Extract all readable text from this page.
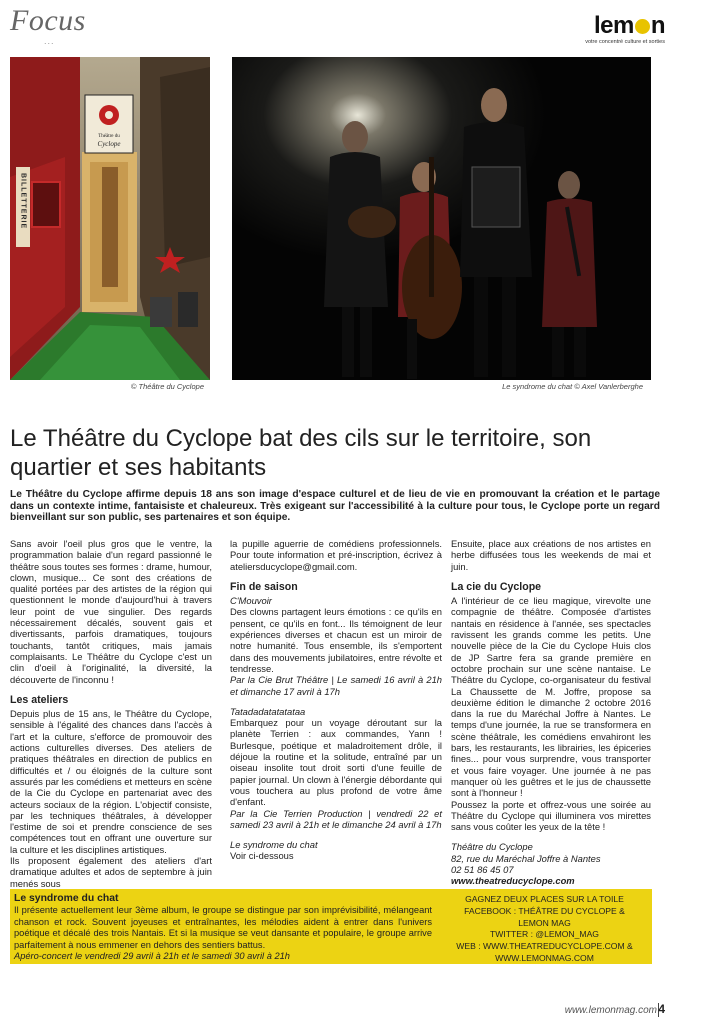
Focus
...
lem n
votre concentré culture et sorties
Théâtre du
Cyclope
BILLETTERIE
© Théâtre du Cyclope	Le syndrome du chat © Axel Vanlerberghe
Le Théâtre du Cyclope bat des cils sur le territoire, son quartier et ses habitants

Le Théâtre du Cyclope affirme depuis 18 ans son image d'espace culturel et de lieu de vie en promouvant la création et le partage dans un contexte intime, fantaisiste et chaleureux. Très exigeant sur l'accessibilité à la culture pour tous, le Cyclope porte un regard bienveillant sur son public, ses partenaires et son équipe.

Sans avoir l'oeil plus gros que le ventre, la programmation balaie d'un regard passionné le théâtre sous toutes ses formes : drame, humour, clown, musique... Ce sont des créations de qualité portées par des artistes de la région qui questionnent le monde d'aujourd'hui à travers leur point de vue singulier. Des regards nécessairement décalés, souvent gais et divertissants, parfois dramatiques, toujours touchants, tantôt critiques, mais jamais complaisants. Le Théâtre du Cyclope c'est un clin d'oeil à l'originalité, la diversité, la découverte de l'inconnu !

Les ateliers

Depuis plus de 15 ans, le Théâtre du Cyclope, sensible à l'égalité des chances dans l'accès à l'art et la culture, s'efforce de promouvoir des actions culturelles diverses. Des ateliers de pratiques théâtrales en direction de publics en difficultés et / ou éloignés de la culture sont assurés par les comédiens et metteurs en scène de la Cie du Cyclope en partenariat avec des acteurs sociaux de la région. L'objectif consiste, par les techniques théâtrales, à développer l'estime de soi et prendre conscience de ses compétences tout en offrant une ouverture sur la culture et les disciplines artistiques.

Ils proposent également des ateliers d'art dramatique adultes et ados de septembre à juin menés sous

la pupille aguerrie de comédiens professionnels. Pour toute information et pré-inscription, écrivez à ateliersducyclope@gmail.com.

Fin de saison

C'Mouvoir

Des clowns partagent leurs émotions : ce qu'ils en pensent, ce qu'ils en font... Ils témoignent de leur expériences diverses et chacun est un miroir de notre humanité. Tous ensemble, ils s'emportent dans des mouvements jubilatoires, entre révolte et tendresse.

Par la Cie Brut Théâtre | Le samedi 16 avril à 21h et dimanche 17 avril à 17h

Tatadadatatatataa

Embarquez pour un voyage déroutant sur la planète Terrien : aux commandes, Yann ! Burlesque, poétique et maladroitement drôle, il déjoue la routine et la solitude, entraîné par un oiseau insolite tout droit sorti d'une feuille de papier journal. Un clown à l'énergie débordante qui vous touchera au plus profond de votre âme d'enfant.

Par la Cie Terrien Production | vendredi 22 et samedi 23 avril à 21h et le dimanche 24 avril à 17h

Le syndrome du chat

Voir ci-dessous

Ensuite, place aux créations de nos artistes en herbe diffusées tous les weekends de mai et juin.

La cie du Cyclope

A l'intérieur de ce lieu magique, virevolte une compagnie de théâtre. Composée d'artistes nantais en résidence à l'année, ses spectacles ravissent les grands comme les petits. Une nouvelle pièce de la Cie du Cyclope Huis clos de JP Sartre fera sa grande première en octobre prochain sur une scène nantaise. Le Théâtre du Cyclope, co-organisateur du festival La Chaussette de M. Joffre, propose sa deuxième édition le dimanche 2 octobre 2016 dans la rue du Maréchal Joffre à Nantes. Le temps d'une journée, la rue se transformera en scène théâtrale, les comédiens envahiront les bars, les restaurants, les librairies, les épiceries fines... pour vous surprendre, vous transporter et vous faire voyager. Une journée à ne pas manquer où les guêtres et le jus de chaussette sont à l'honneur !

Poussez la porte et offrez-vous une soirée au Théâtre du Cyclope qui illuminera vos mirettes sans vous coûter les yeux de la tête !

Théâtre du Cyclope

82, rue du Maréchal Joffre à Nantes

02 51 86 45 07

www.theatreducyclope.com

Le syndrome du chat

Il présente actuellement leur 3ème album, le groupe se distingue par son imprévisibilité, mélangeant chanson et rock. Souvent joyeuses et entraînantes, les mélodies aident à entrer dans l'univers poétique et décalé des trois Nantais. Et si la musique se veut dansante et populaire, le groupe arrive parfaitement à nous emmener en dehors des sentiers battus.

Apéro-concert le vendredi 29 avril à 21h et le samedi 30 avril à 21h

GAGNEZ DEUX PLACES SUR LA TOILE
FACEBOOK : THÉÂTRE DU CYCLOPE &
LEMON MAG
TWITTER : @LEMON_MAG
WEB : WWW.THEATREDUCYCLOPE.COM &
WWW.LEMONMAG.COM
www.lemonmag.com 4
